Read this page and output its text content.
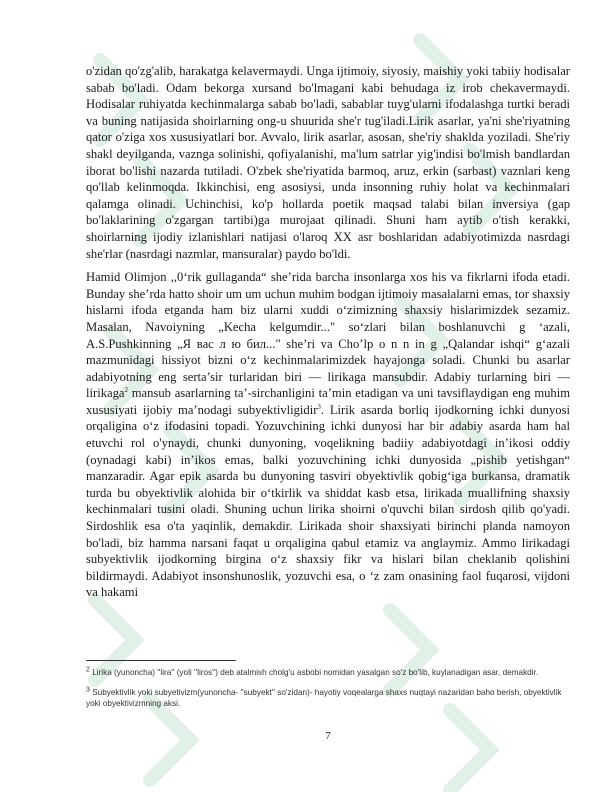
o'zidan qo'zg'alib, harakatga kelavermaydi. Unga ijtimoiy, siyosiy, maishiy yoki tabiiy hodisalar sabab bo'ladi. Odam bekorga xursand bo'lmagani kabi behudaga iz irob chekavermaydi. Hodisalar ruhiyatda kechinmalarga sabab bo'ladi, sabablar tuyg'ularni ifodalashga turtki beradi va buning natijasida shoirlarning ong-u shuurida she'r tug'iladi.Lirik asarlar, ya'ni she'riyatning qator o'ziga xos xususiyatlari bor. Avvalo, lirik asarlar, asosan, she'riy shaklda yoziladi. She'riy shakl deyilganda, vaznga solinishi, qofiyalanishi, ma'lum satrlar yig'indisi bo'lmish bandlardan iborat bo'lishi nazarda tutiladi. O'zbek she'riyatida barmoq, aruz, erkin (sarbast) vaznlari keng qo'llab kelinmoqda. Ikkinchisi, eng asosiysi, unda insonning ruhiy holat va kechinmalari qalamga olinadi. Uchinchisi, ko'p hollarda poetik maqsad talabi bilan inversiya (gap bo'laklarining o'zgargan tartibi)ga murojaat qilinadi. Shuni ham aytib o'tish kerakki, shoirlarning ijodiy izlanishlari natijasi o'laroq XX asr boshlaridan adabiyotimizda nasrdagi she'rlar (nasrdagi nazmlar, mansuralar) paydo bo'ldi.

Hamid Olimjon ,,0‘rik gullaganda“ she’rida barcha insonlarga xos his va fikrlarni ifoda etadi. Bunday she’rda hatto shoir um um uchun muhim bodgan ijtimoiy masalalarni emas, tor shaxsiy hislarni ifoda etganda ham biz ularni xuddi o‘zimizning shaxsiy hislarimizdek sezamiz. Masalan, Navoiyning „Kecha kelgumdir..." so‘zlari bilan boshlanuvchi g ‘azali, A.S.Pushkinning „Я вас л ю бил..." she’ri va Cho’lp o n n in g „Qalandar ishqi“ g‘azali mazmunidagi hissiyot bizni o‘z kechinmalarimizdek hayajonga soladi. Chunki bu asarlar adabiyotning eng serta’sir turlaridan biri — lirikaga mansubdir. Adabiy turlarning biri — lirikaga$^2$ mansub asarlarning ta’-sirchanligini ta’min etadigan va uni tavsiflaydigan eng muhim xususiyati ijobiy ma’nodagi subyektivligidir$^3$. Lirik asarda borliq ijodkorning ichki dunyosi orqaligina o‘z ifodasini topadi. Yozuvchining ichki dunyosi har bir adabiy asarda ham hal etuvchi rol o'ynaydi, chunki dunyoning, voqelikning badiiy adabiyotdagi in’ikosi oddiy (oynadagi kabi) in’ikos emas, balki yozuvchining ichki dunyosida „pishib yetishgan“ manzaradir. Agar epik asarda bu dunyoning tasviri obyektivlik qobig‘iga burkansa, dramatik turda bu obyektivlik alohida bir o‘tkirlik va shiddat kasb etsa, lirikada muallifning shaxsiy kechinmalari tusini oladi. Shuning uchun lirika shoirni o'quvchi bilan sirdosh qilib qo'yadi. Sirdoshlik esa o'ta yaqinlik, demakdir. Lirikada shoir shaxsiyati birinchi planda namoyon bo'ladi, biz hamma narsani faqat u orqaligina qabul etamiz va anglaymiz. Ammo lirikadagi subyektivlik ijodkorning birgina o‘z shaxsiy fikr va hislari bilan cheklanib qolishini bildirmaydi. Adabiyot insonshunoslik, yozuvchi esa, o ‘z zam onasining faol fuqarosi, vijdoni va hakami

$^2$ Lirika (yunoncha) ''lira'' (yoli ''liros'') deb atalmish cholg'u asbobi nomidan yasalgan so'z bo'lib, kuylanadigan asar, demakdir.

$^3$ Subyektivlik yoki subyetivizm(yunoncha- ''subyekt'' so'zidan)- hayotiy voqealarga shaxs nuqtayi nazaridan baho berish, obyektivlik yoki obyektivizmning aksi.

7
